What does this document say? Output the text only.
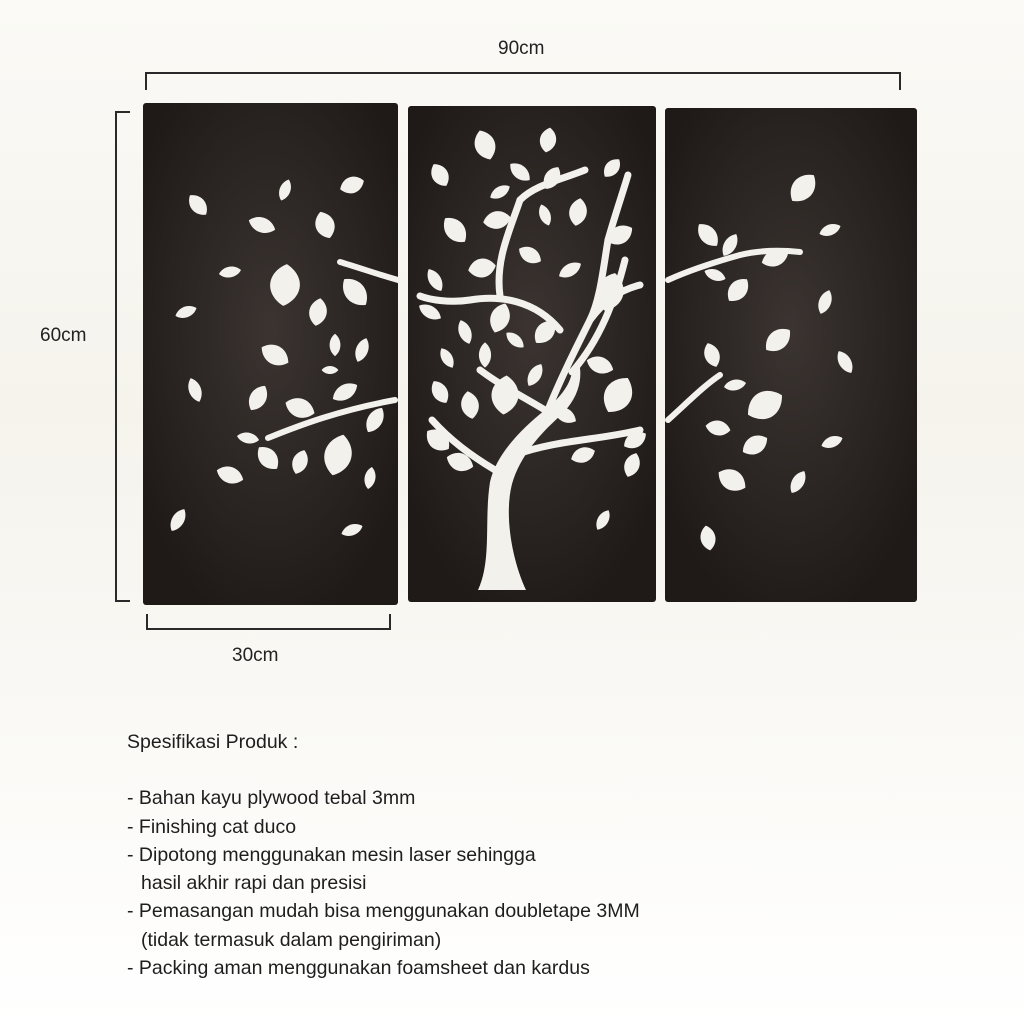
90cm
60cm
30cm
Spesifikasi Produk :
- Bahan kayu plywood tebal 3mm
- Finishing cat duco
- Dipotong menggunakan mesin laser sehingga
hasil akhir rapi dan presisi
- Pemasangan mudah bisa menggunakan doubletape 3MM
(tidak termasuk dalam pengiriman)
- Packing aman menggunakan foamsheet dan kardus
